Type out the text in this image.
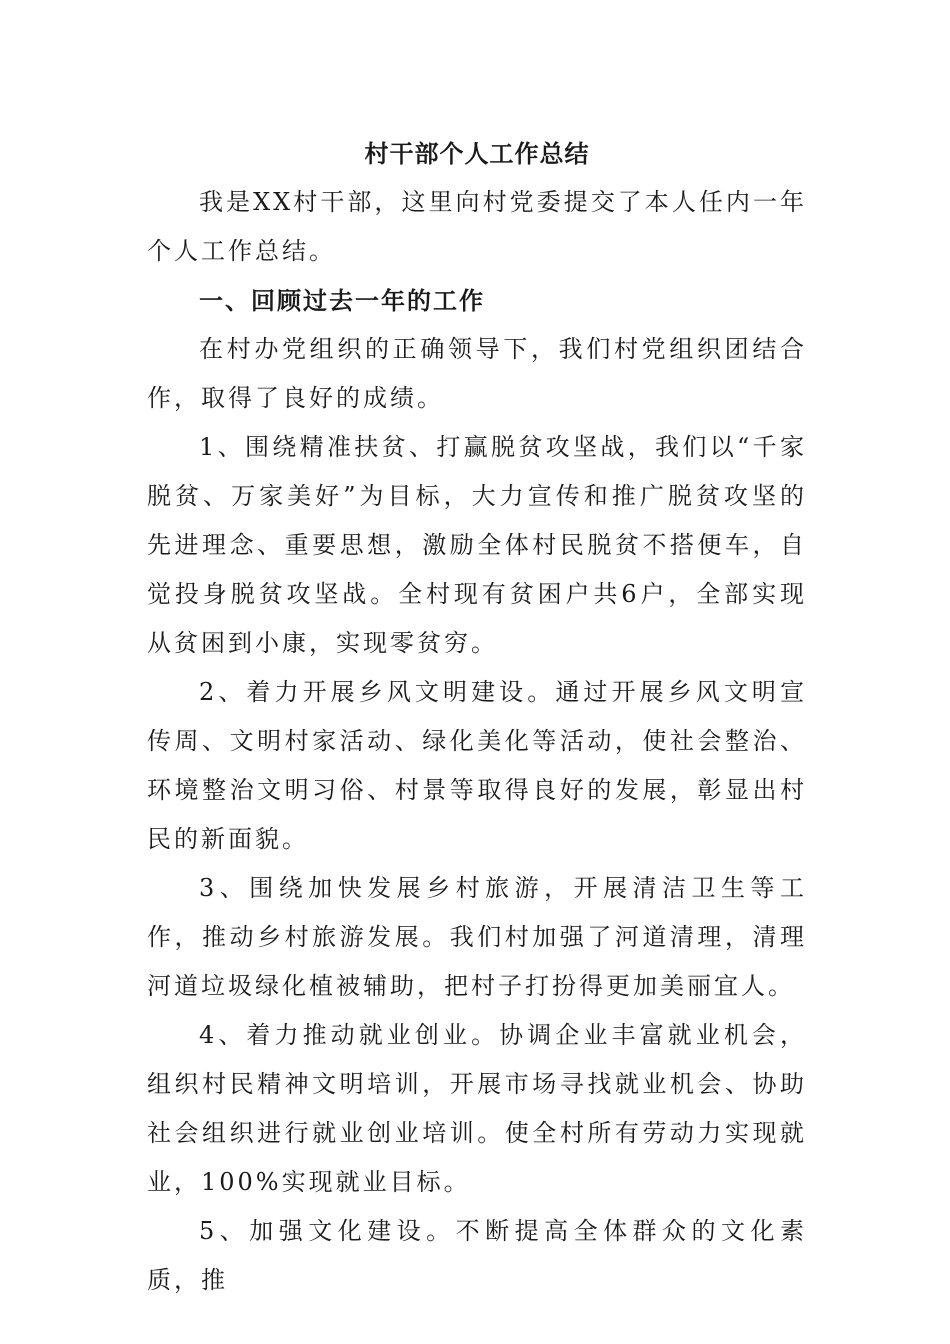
村干部个人工作总结

我是XX村干部，这里向村党委提交了本人任内一年个人工作总结。

一、回顾过去一年的工作

在村办党组织的正确领导下，我们村党组织团结合作，取得了良好的成绩。

1、围绕精准扶贫、打赢脱贫攻坚战，我们以“千家脱贫、万家美好”为目标，大力宣传和推广脱贫攻坚的先进理念、重要思想，激励全体村民脱贫不搭便车，自觉投身脱贫攻坚战。全村现有贫困户共6户，全部实现从贫困到小康，实现零贫穷。

2、着力开展乡风文明建设。通过开展乡风文明宣传周、文明村家活动、绿化美化等活动，使社会整治、环境整治文明习俗、村景等取得良好的发展，彰显出村民的新面貌。

3、围绕加快发展乡村旅游，开展清洁卫生等工作，推动乡村旅游发展。我们村加强了河道清理，清理河道垃圾绿化植被辅助，把村子打扮得更加美丽宜人。

4、着力推动就业创业。协调企业丰富就业机会，组织村民精神文明培训，开展市场寻找就业机会、协助社会组织进行就业创业培训。使全村所有劳动力实现就业，100%实现就业目标。

5、加强文化建设。不断提高全体群众的文化素质，推
